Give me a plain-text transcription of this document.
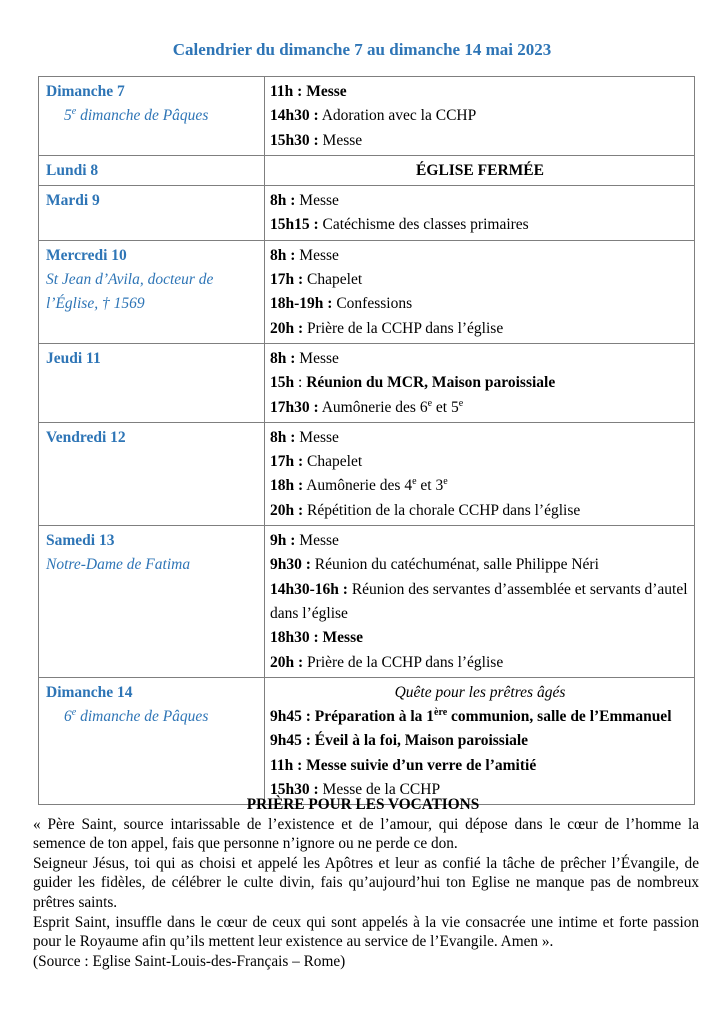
Calendrier du dimanche 7 au dimanche 14 mai 2023
Dimanche 7
5e dimanche de Pâques	11h : Messe
14h30 : Adoration avec la CCHP
15h30 : Messe

Lundi 8	ÉGLISE FERMÉE

Mardi 9	8h : Messe
15h15 : Catéchisme des classes primaires

Mercredi 10
St Jean d’Avila, docteur de l’Église, † 1569	8h : Messe
17h : Chapelet
18h-19h : Confessions
20h : Prière de la CCHP dans l’église

Jeudi 11	8h : Messe
15h : Réunion du MCR, Maison paroissiale
17h30 : Aumônerie des 6e et 5e

Vendredi 12	8h : Messe
17h : Chapelet
18h : Aumônerie des 4e et 3e
20h : Répétition de la chorale CCHP dans l’église

Samedi 13
Notre-Dame de Fatima	9h : Messe
9h30 : Réunion du catéchuménat, salle Philippe Néri
14h30-16h : Réunion des servantes d’assemblée et servants d’autel dans l’église
18h30 : Messe
20h : Prière de la CCHP dans l’église

Dimanche 14
6e dimanche de Pâques	Quête pour les prêtres âgés
9h45 : Préparation à la 1ère communion, salle de l’Emmanuel
9h45 : Éveil à la foi, Maison paroissiale
11h : Messe suivie d’un verre de l’amitié
15h30 : Messe de la CCHP
PRIÈRE POUR LES VOCATIONS

« Père Saint, source intarissable de l’existence et de l’amour, qui dépose dans le cœur de l’homme la semence de ton appel, fais que personne n’ignore ou ne perde ce don.

Seigneur Jésus, toi qui as choisi et appelé les Apôtres et leur as confié la tâche de prêcher l’Évangile, de guider les fidèles, de célébrer le culte divin, fais qu’aujourd’hui ton Eglise ne manque pas de nombreux prêtres saints.

Esprit Saint, insuffle dans le cœur de ceux qui sont appelés à la vie consacrée une intime et forte passion pour le Royaume afin qu’ils mettent leur existence au service de l’Evangile. Amen ».

(Source : Eglise Saint-Louis-des-Français – Rome)
